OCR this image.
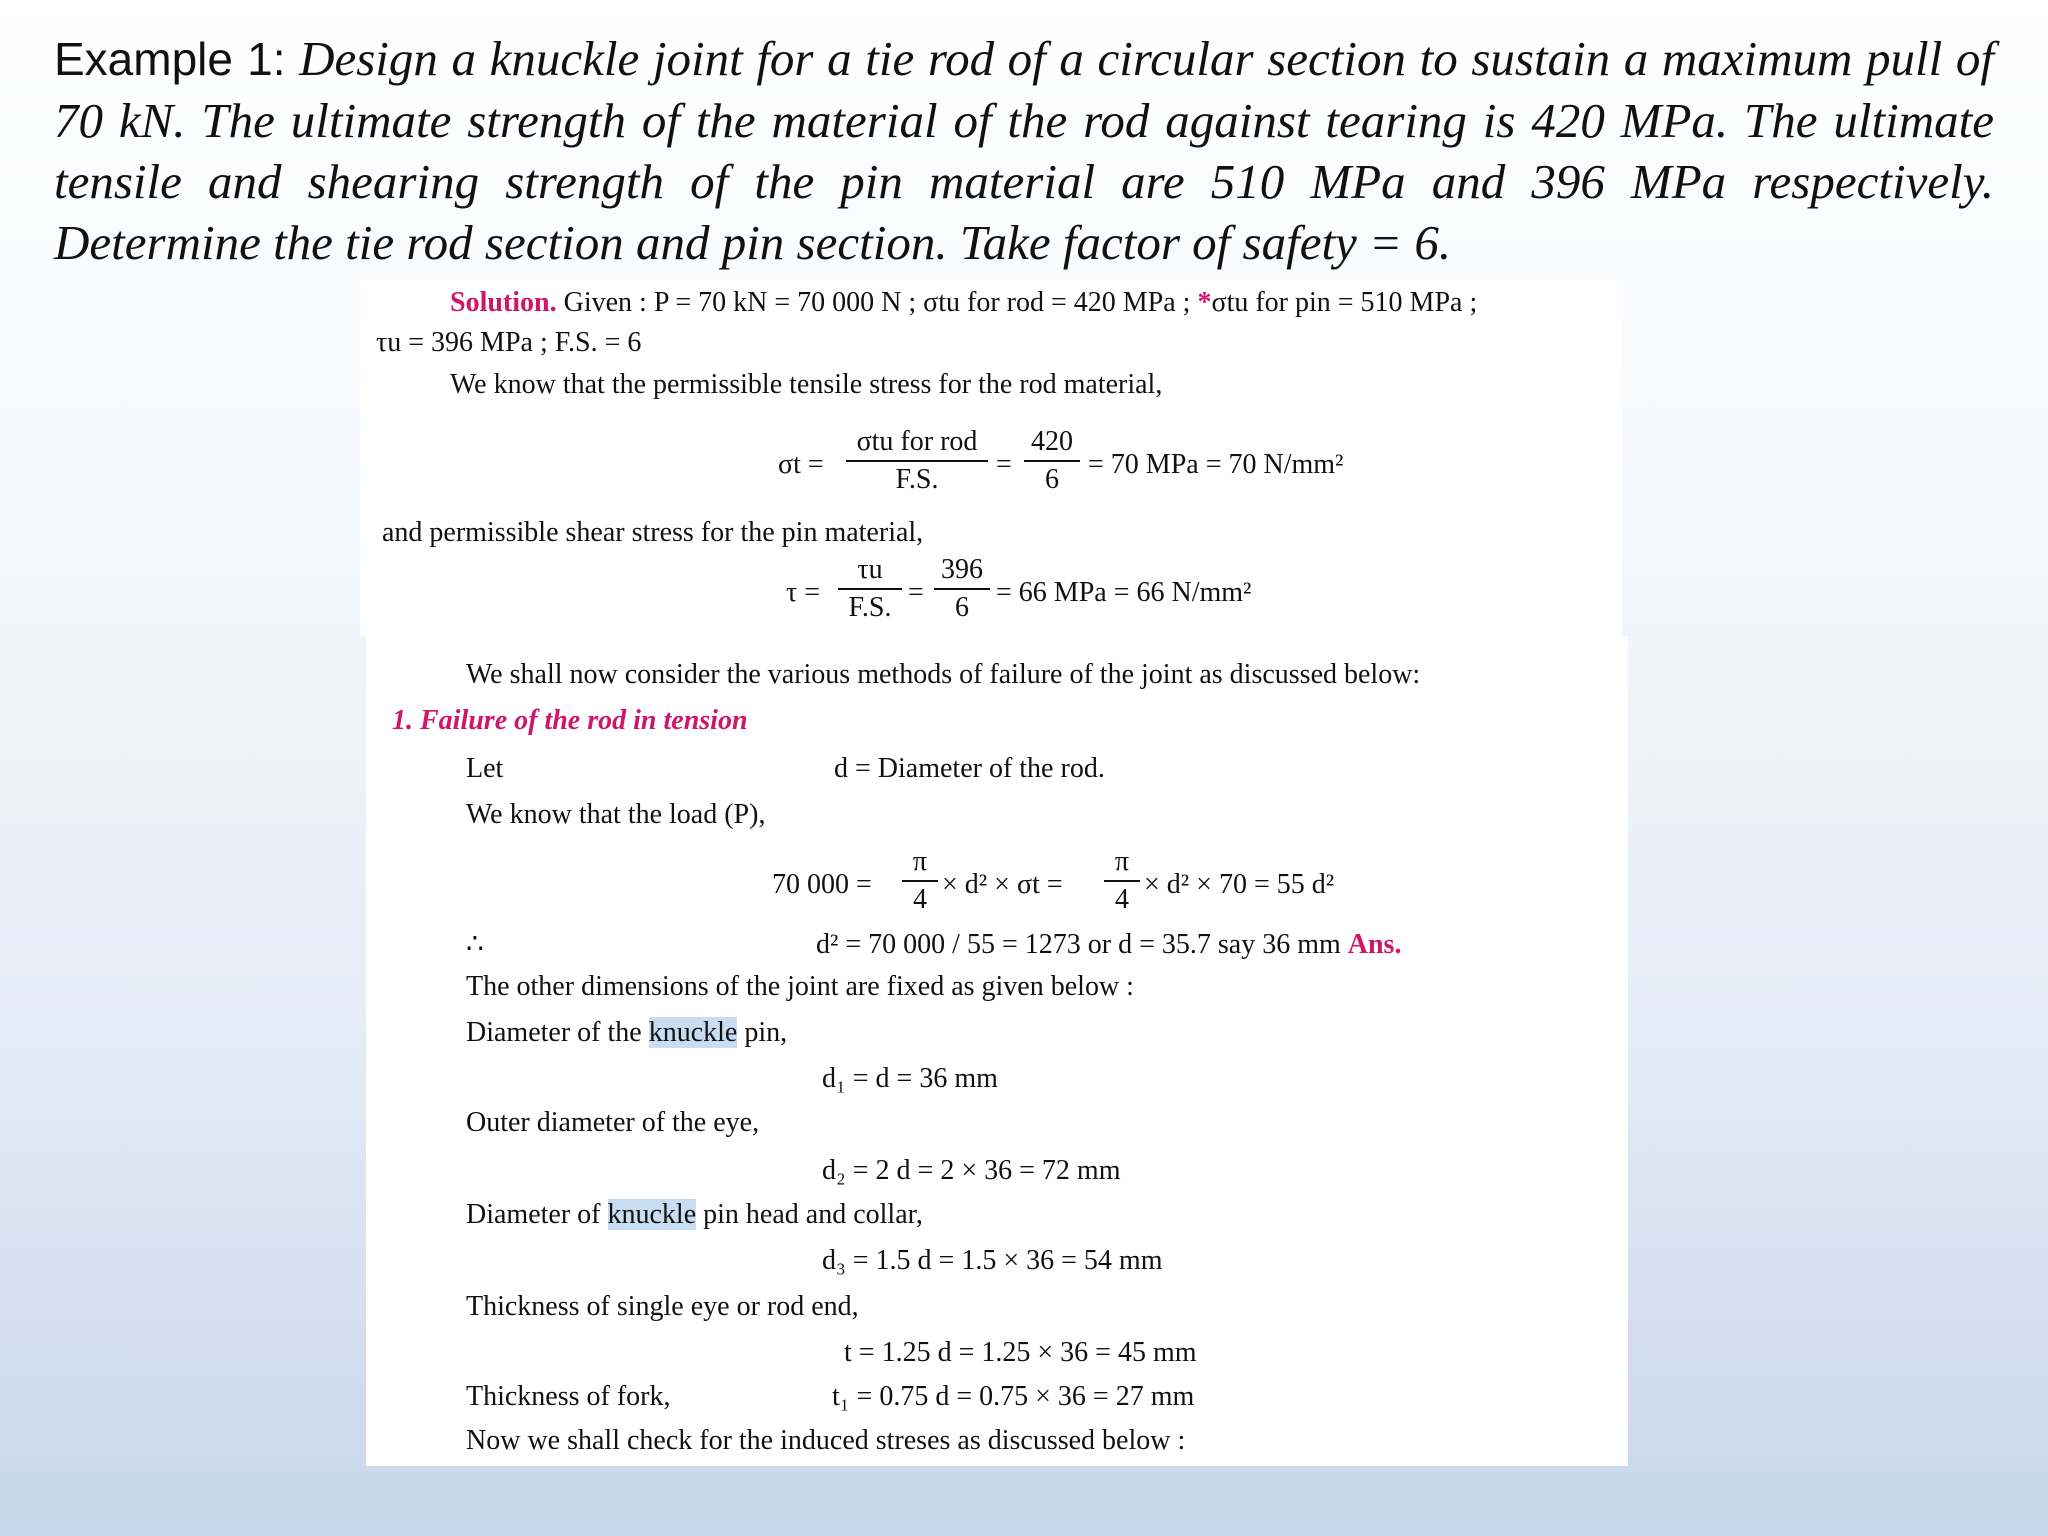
Example 1: Design a knuckle joint for a tie rod of a circular section to sustain a maximum pull of 70 kN. The ultimate strength of the material of the rod against tearing is 420 MPa. The ultimate tensile and shearing strength of the pin material are 510 MPa and 396 MPa respectively. Determine the tie rod section and pin section. Take factor of safety = 6.
Solution. Given : P = 70 kN = 70 000 N ; σtu for rod = 420 MPa ; *σtu for pin = 510 MPa ;
τu = 396 MPa ; F.S. = 6
We know that the permissible tensile stress for the rod material,
σt =
σtu for rod
F.S.	=
420
6	= 70 MPa = 70 N/mm²
and permissible shear stress for the pin material,
τ =
τu
F.S. =
396
6 = 66 MPa = 66 N/mm²
We shall now consider the various methods of failure of the joint as discussed below:
1. Failure of the rod in tension
Let	d = Diameter of the rod.
We know that the load (P),
70 000 =
π
4 × d² × σt =
π
4 × d² × 70 = 55 d²
∴	d² = 70 000 / 55 = 1273 or d = 35.7 say 36 mm Ans.
The other dimensions of the joint are fixed as given below :
Diameter of the knuckle pin,
d₁ = d = 36 mm
Outer diameter of the eye,
d₂ = 2 d = 2 × 36 = 72 mm
Diameter of knuckle pin head and collar,
d₃ = 1.5 d = 1.5 × 36 = 54 mm
Thickness of single eye or rod end,
t = 1.25 d = 1.25 × 36 = 45 mm
Thickness of fork,	t₁ = 0.75 d = 0.75 × 36 = 27 mm
Now we shall check for the induced streses as discussed below :
